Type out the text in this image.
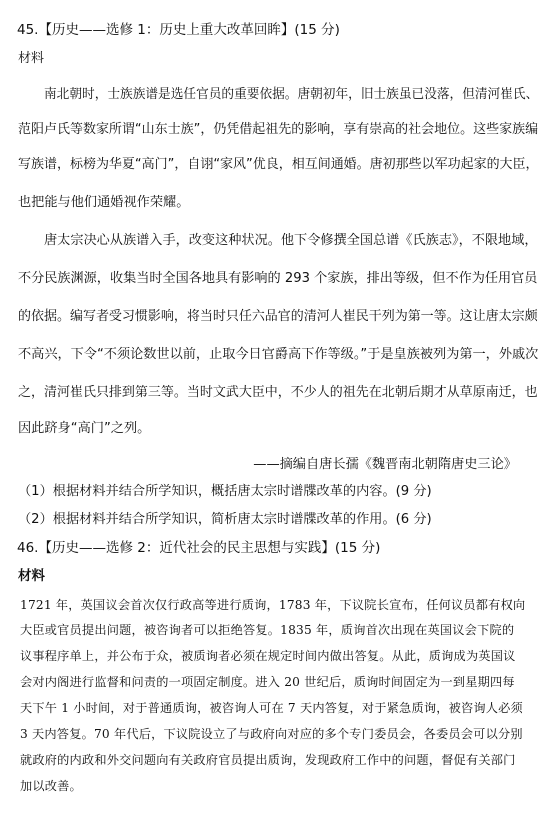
45.【历史——选修 1：历史上重大改革回眸】(15 分)
材料
南北朝时，士族族谱是选任官员的重要依据。唐朝初年，旧士族虽已没落，但清河崔氏、
范阳卢氏等数家所谓“山东士族”，仍凭借起祖先的影响，享有崇高的社会地位。这些家族编
写族谱，标榜为华夏“高门”，自诩“家风”优良，相互间通婚。唐初那些以军功起家的大臣，
也把能与他们通婚视作荣耀。
唐太宗决心从族谱入手，改变这种状况。他下令修撰全国总谱《氏族志》，不限地域，
不分民族渊源，收集当时全国各地具有影响的 293 个家族，排出等级，但不作为任用官员
的依据。编写者受习惯影响，将当时只任六品官的清河人崔民干列为第一等。这让唐太宗颇
不高兴，下令“不须论数世以前，止取今日官爵高下作等级。”于是皇族被列为第一，外戚次
之，清河崔氏只排到第三等。当时文武大臣中，不少人的祖先在北朝后期才从草原南迁，也
因此跻身“高门”之列。
——摘编自唐长孺《魏晋南北朝隋唐史三论》
（1）根据材料并结合所学知识，概括唐太宗时谱牒改革的内容。(9 分)
（2）根据材料并结合所学知识，简析唐太宗时谱牒改革的作用。(6 分)
46.【历史——选修 2：近代社会的民主思想与实践】(15 分)
材料
1721 年，英国议会首次仅行政高等进行质询，1783 年，下议院长宣布，任何议员都有权向
大臣或官员提出问题，被咨询者可以拒绝答复。1835 年，质询首次出现在英国议会下院的
议事程序单上，并公布于众，被质询者必须在规定时间内做出答复。从此，质询成为英国议
会对内阁进行监督和问责的一项固定制度。进入 20 世纪后，质询时间固定为一到星期四每
天下午 1 小时间，对于普通质询，被咨询人可在 7 天内答复，对于紧急质询，被咨询人必须
3 天内答复。70 年代后，下议院设立了与政府向对应的多个专门委员会，各委员会可以分别
就政府的内政和外交问题向有关政府官员提出质询，发现政府工作中的问题，督促有关部门
加以改善。
